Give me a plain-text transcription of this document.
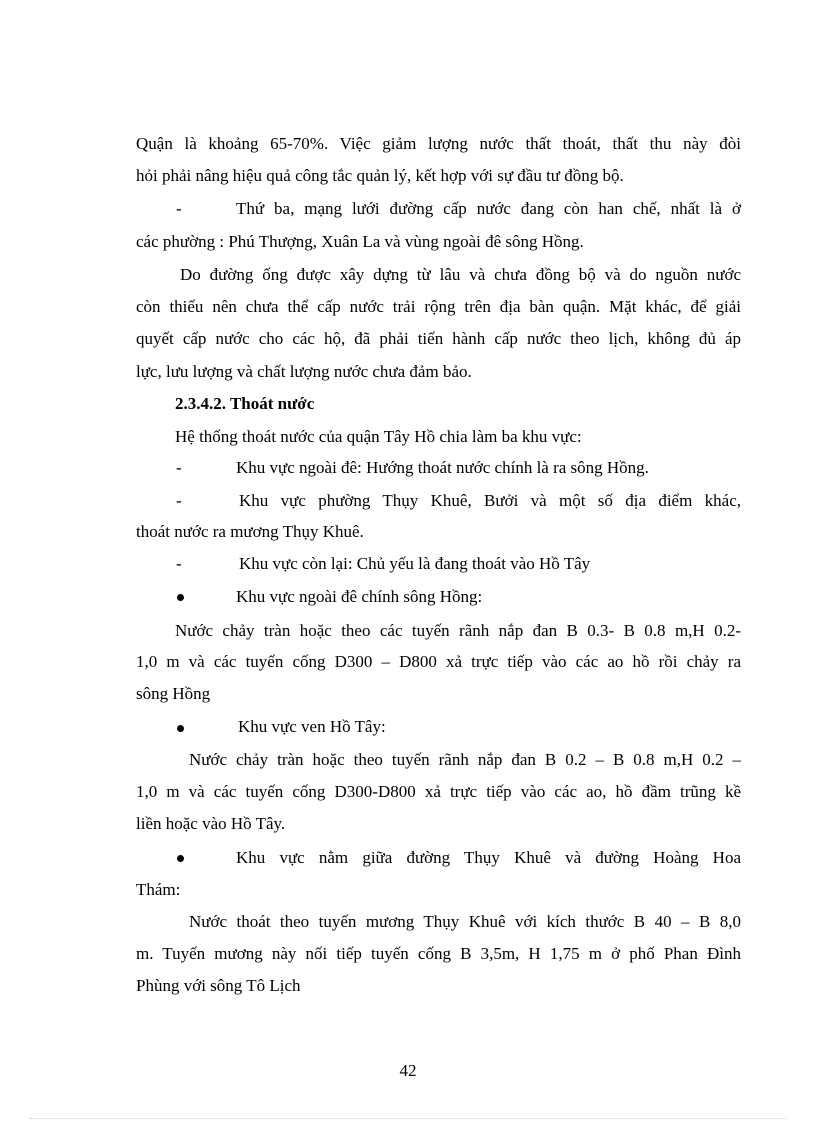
Quận là khoảng 65-70%. Việc giảm lượng nước thất thoát, thất thu này đòi
hỏi phải nâng hiệu quả công tắc quản lý, kết hợp với sự đầu tư đồng bộ.
-	Thứ ba, mạng lưới đường cấp nước đang còn han chế, nhất là ở
các phường : Phú Thượng, Xuân La và vùng ngoài đê sông Hồng.
Do đường ống được xây dựng từ lâu và chưa đồng bộ và do nguồn nước
còn thiếu nên chưa thể cấp nước trải rộng trên địa bàn quận. Mặt khác, để giải
quyết cấp nước cho các hộ, đã phải tiến hành cấp nước theo lịch, không đủ áp
lực, lưu lượng và chất lượng nước chưa đảm bảo.
2.3.4.2. Thoát nước
Hệ thống thoát nước của quận Tây Hồ chia làm ba khu vực:
-	Khu vực ngoài đê: Hướng thoát nước chính là ra sông Hồng.
-	Khu vực phường Thụy Khuê, Bưởi và một số địa điểm khác,
thoát nước ra mương Thụy Khuê.
-	Khu vực còn lại: Chủ yếu là đang thoát vào Hồ Tây
Khu vực ngoài đê chính sông Hồng:
Nước chảy tràn hoặc theo các tuyến rãnh nắp đan B 0.3- B 0.8 m,H 0.2-
1,0 m và các tuyến cống D300 – D800 xả trực tiếp vào các ao hồ rồi chảy ra
sông Hồng
Khu vực ven Hồ Tây:
Nước chảy tràn hoặc theo tuyến rãnh nắp đan B 0.2 – B 0.8 m,H 0.2 –
1,0 m và các tuyến cống D300-D800 xả trực tiếp vào các ao, hồ đầm trũng kề
liền hoặc vào Hồ Tây.
Khu vực nằm giữa đường Thụy Khuê và đường Hoàng Hoa
Thám:
Nước thoát theo tuyến mương Thụy Khuê với kích thước B 40 – B 8,0
m. Tuyến mương này nối tiếp tuyến cống B 3,5m, H 1,75 m ở phố Phan Đình
Phùng với sông Tô Lịch
42
